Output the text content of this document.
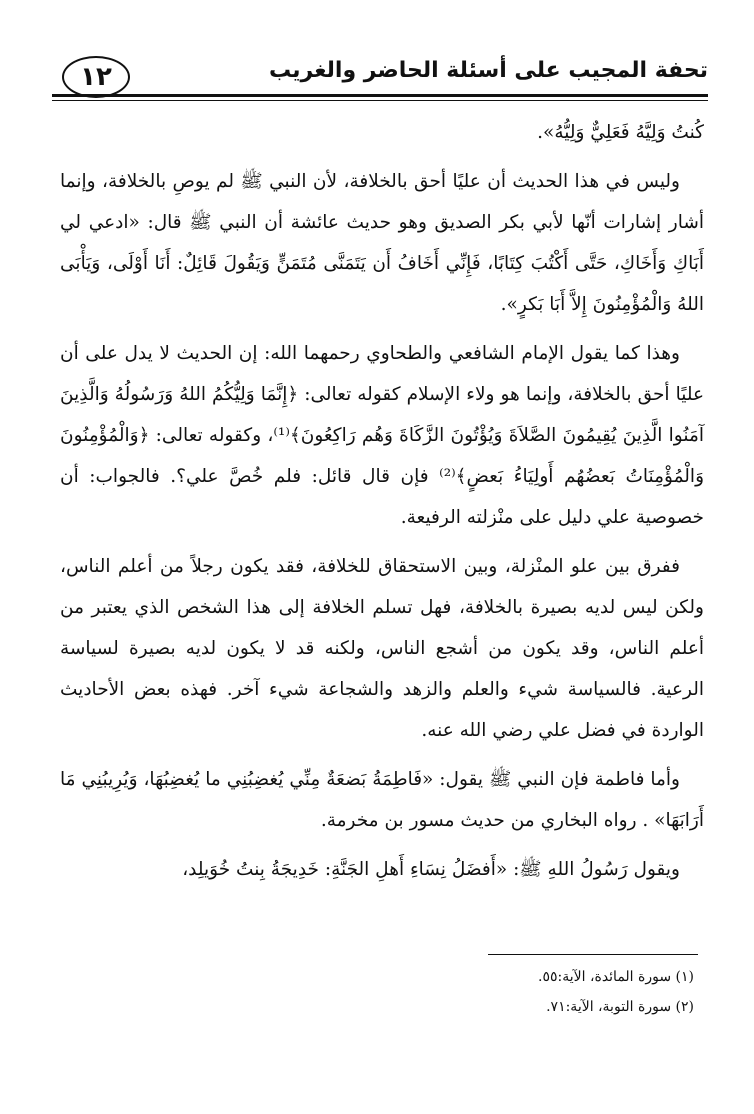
١٢	تحفة المجيب على أسئلة الحاضر والغريب

كُنتُ وَلِيَّهُ فَعَلِيٌّ وَلِيُّهُ».

وليس في هذا الحديث أن عليًا أحق بالخلافة، لأن النبي ﷺ لم يوصِ بالخلافة، وإنما أشار إشارات أنّها لأبي بكر الصديق وهو حديث عائشة أن النبي ﷺ قال: «ادعي لي أَبَاكِ وَأَخَاكِ، حَتَّى أَكْتُبَ كِتَابًا، فَإِنِّي أَخَافُ أَن يَتَمَنَّى مُتَمَنٍّ وَيَقُولَ قَائِلٌ: أَنَا أَوْلَى، وَيَأْبَى اللهُ وَالْمُؤْمِنُونَ إِلاَّ أَبَا بَكرٍ».

وهذا كما يقول الإمام الشافعي والطحاوي رحمهما الله: إن الحديث لا يدل على أن عليًا أحق بالخلافة، وإنما هو ولاء الإسلام كقوله تعالى: ﴿إِنَّمَا وَلِيُّكُمُ اللهُ وَرَسُولُهُ وَالَّذِينَ آمَنُوا الَّذِينَ يُقِيمُونَ الصَّلاَةَ وَيُؤْتُونَ الزَّكَاةَ وَهُم رَاكِعُونَ﴾⁽¹⁾، وكقوله تعالى: ﴿وَالْمُؤْمِنُونَ وَالْمُؤْمِنَاتُ بَعضُهُم أَولِيَاءُ بَعضٍ﴾⁽²⁾ فإن قال قائل: فلم خُصَّ علي؟. فالجواب: أن خصوصية علي دليل على منْزلته الرفيعة.

ففرق بين علو المنْزلة، وبين الاستحقاق للخلافة، فقد يكون رجلاً من أعلم الناس، ولكن ليس لديه بصيرة بالخلافة، فهل تسلم الخلافة إلى هذا الشخص الذي يعتبر من أعلم الناس، وقد يكون من أشجع الناس، ولكنه قد لا يكون لديه بصيرة لسياسة الرعية. فالسياسة شيء والعلم والزهد والشجاعة شيء آخر. فهذه بعض الأحاديث الواردة في فضل علي رضي الله عنه.

وأما فاطمة فإن النبي ﷺ يقول: «فَاطِمَةُ بَضعَةٌ مِنِّي يُغضِبُنِي ما يُغضِبُهَا، وَيُرِيبُنِي مَا أَرَابَهَا» . رواه البخاري من حديث مسور بن مخرمة.

ويقول رَسُولُ اللهِ ﷺ: «أَفضَلُ نِسَاءِ أَهلِ الجَنَّةِ: خَدِيجَةُ بِنتُ خُوَيلِد،

(١) سورة المائدة، الآية:٥٥.
(٢) سورة التوبة، الآية:٧١.
